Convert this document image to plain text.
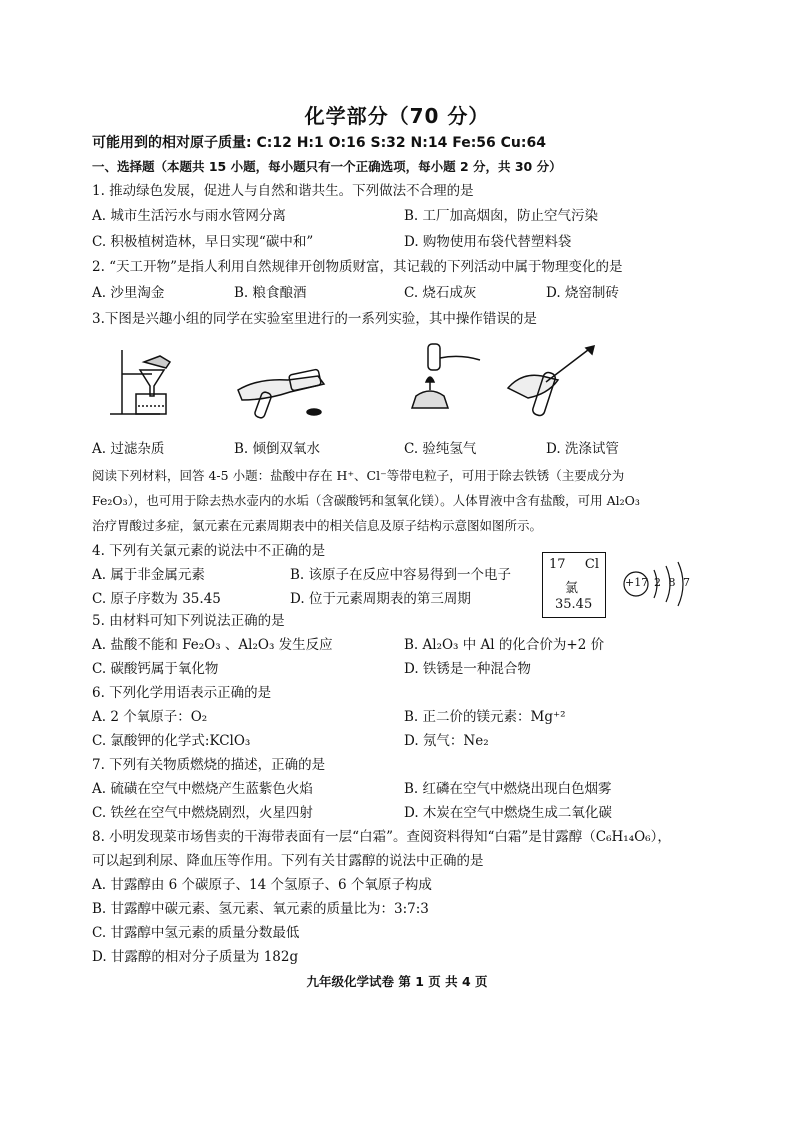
化学部分（70 分）
可能用到的相对原子质量: C:12 H:1 O:16 S:32 N:14 Fe:56 Cu:64
一、选择题（本题共 15 小题，每小题只有一个正确选项，每小题 2 分，共 30 分）
1. 推动绿色发展，促进人与自然和谐共生。下列做法不合理的是
A. 城市生活污水与雨水管网分离	B. 工厂加高烟囱，防止空气污染
C. 积极植树造林，早日实现“碳中和”	D. 购物使用布袋代替塑料袋
2. “天工开物”是指人利用自然规律开创物质财富，其记载的下列活动中属于物理变化的是
A. 沙里淘金	B. 粮食酿酒	C. 烧石成灰	D. 烧窑制砖
3.下图是兴趣小组的同学在实验室里进行的一系列实验，其中操作错误的是
A. 过滤杂质	B. 倾倒双氧水	C. 验纯氢气	D. 洗涤试管
阅读下列材料，回答 4-5 小题：盐酸中存在 H⁺、Cl⁻等带电粒子，可用于除去铁锈（主要成分为
Fe₂O₃），也可用于除去热水壶内的水垢（含碳酸钙和氢氧化镁）。人体胃液中含有盐酸，可用 Al₂O₃
治疗胃酸过多症，氯元素在元素周期表中的相关信息及原子结构示意图如图所示。
4. 下列有关氯元素的说法中不正确的是
A. 属于非金属元素	B. 该原子在反应中容易得到一个电子
C. 原子序数为 35.45	D. 位于元素周期表的第三周期
17 Cl
氯
35.45
+17 2 8 7
5. 由材料可知下列说法正确的是
A. 盐酸不能和 Fe₂O₃ 、Al₂O₃ 发生反应	B. Al₂O₃ 中 Al 的化合价为+2 价
C. 碳酸钙属于氧化物	D. 铁锈是一种混合物
6. 下列化学用语表示正确的是
A. 2 个氧原子：O₂	B. 正二价的镁元素：Mg⁺²
C. 氯酸钾的化学式:KClO₃	D. 氖气：Ne₂
7. 下列有关物质燃烧的描述，正确的是
A. 硫磺在空气中燃烧产生蓝紫色火焰	B. 红磷在空气中燃烧出现白色烟雾
C. 铁丝在空气中燃烧剧烈，火星四射	D. 木炭在空气中燃烧生成二氧化碳
8. 小明发现菜市场售卖的干海带表面有一层“白霜”。查阅资料得知“白霜”是甘露醇（C₆H₁₄O₆），
可以起到利尿、降血压等作用。下列有关甘露醇的说法中正确的是
A. 甘露醇由 6 个碳原子、14 个氢原子、6 个氧原子构成
B. 甘露醇中碳元素、氢元素、氧元素的质量比为：3:7:3
C. 甘露醇中氢元素的质量分数最低
D. 甘露醇的相对分子质量为 182g
九年级化学试卷 第 1 页 共 4 页
